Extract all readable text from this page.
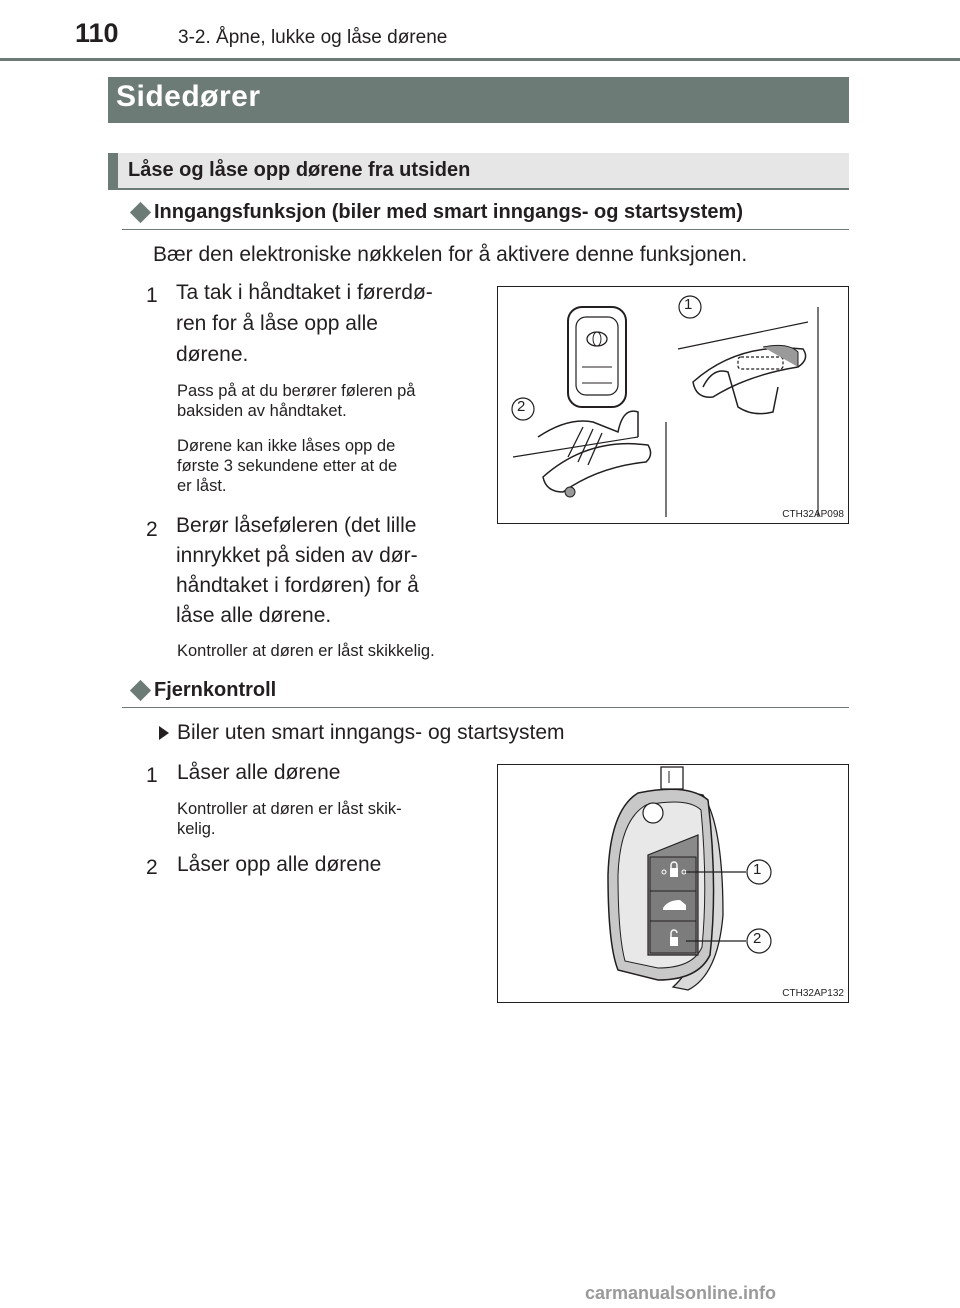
110	3-2. Åpne, lukke og låse dørene
Sidedører
Låse og låse opp dørene fra utsiden
Inngangsfunksjon (biler med smart inngangs- og startsystem)
Bær den elektroniske nøkkelen for å aktivere denne funksjonen.
1 Ta tak i håndtaket i førerdø-
ren for å låse opp alle
dørene.
Pass på at du berører føleren på
baksiden av håndtaket.
Dørene kan ikke låses opp de
første 3 sekundene etter at de
er låst.
2 Berør låseføleren (det lille
innrykket på siden av dør-
håndtaket i fordøren) for å
låse alle dørene.
Kontroller at døren er låst skikkelig.
1
2
CTH32AP098
Fjernkontroll
Biler uten smart inngangs- og startsystem
1 Låser alle dørene
Kontroller at døren er låst skik-
kelig.
2 Låser opp alle dørene	1
2
CTH32AP132
carmanualsonline.info
